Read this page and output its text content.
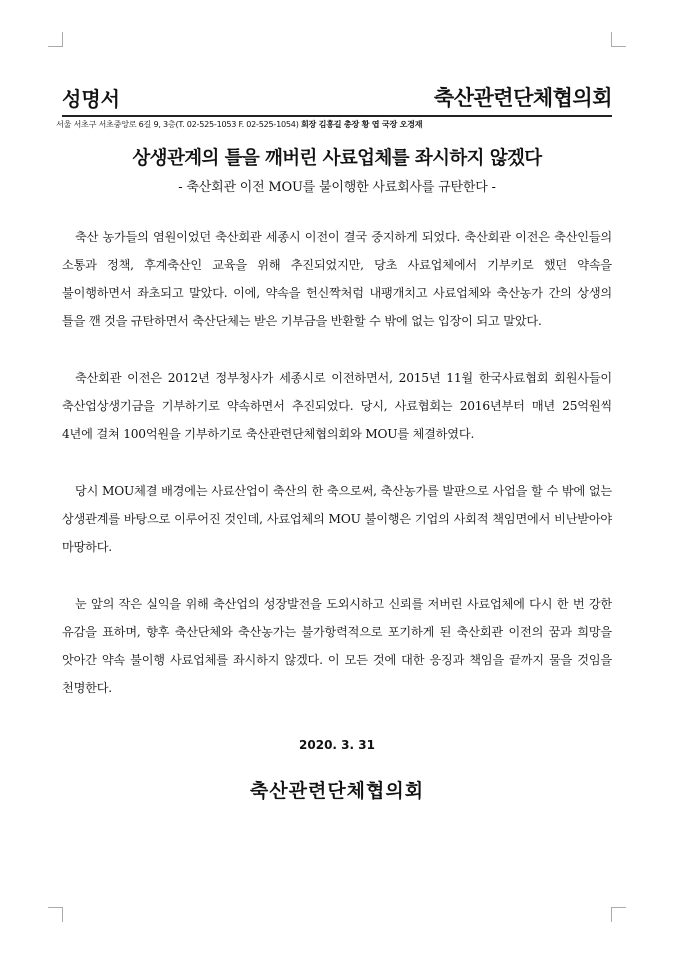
성명서	축산관련단체협의회
서울 서초구 서초중앙로 6길 9, 3층(T. 02-525-1053 F. 02-525-1054) 회장 김홍길 총장 황 엽 국장 오경재
상생관계의 틀을 깨버린 사료업체를 좌시하지 않겠다
- 축산회관 이전 MOU를 불이행한 사료회사를 규탄한다 -

축산 농가들의 염원이었던 축산회관 세종시 이전이 결국 중지하게 되었다. 축산회관 이전은 축산인들의 소통과 정책, 후계축산인 교육을 위해 추진되었지만, 당초 사료업체에서 기부키로 했던 약속을 불이행하면서 좌초되고 말았다. 이에, 약속을 헌신짝처럼 내팽개치고 사료업체와 축산농가 간의 상생의 틀을 깬 것을 규탄하면서 축산단체는 받은 기부금을 반환할 수 밖에 없는 입장이 되고 말았다.

축산회관 이전은 2012년 정부청사가 세종시로 이전하면서, 2015년 11월 한국사료협회 회원사들이 축산업상생기금을 기부하기로 약속하면서 추진되었다. 당시, 사료협회는 2016년부터 매년 25억원씩 4년에 걸쳐 100억원을 기부하기로 축산관련단체협의회와 MOU를 체결하였다.

당시 MOU체결 배경에는 사료산업이 축산의 한 축으로써, 축산농가를 발판으로 사업을 할 수 밖에 없는 상생관계를 바탕으로 이루어진 것인데, 사료업체의 MOU 불이행은 기업의 사회적 책임면에서 비난받아야 마땅하다.

눈 앞의 작은 실익을 위해 축산업의 성장발전을 도외시하고 신뢰를 저버린 사료업체에 다시 한 번 강한 유감을 표하며, 향후 축산단체와 축산농가는 불가항력적으로 포기하게 된 축산회관 이전의 꿈과 희망을 앗아간 약속 불이행 사료업체를 좌시하지 않겠다. 이 모든 것에 대한 응징과 책임을 끝까지 물을 것임을 천명한다.

2020. 3. 31
축산관련단체협의회
